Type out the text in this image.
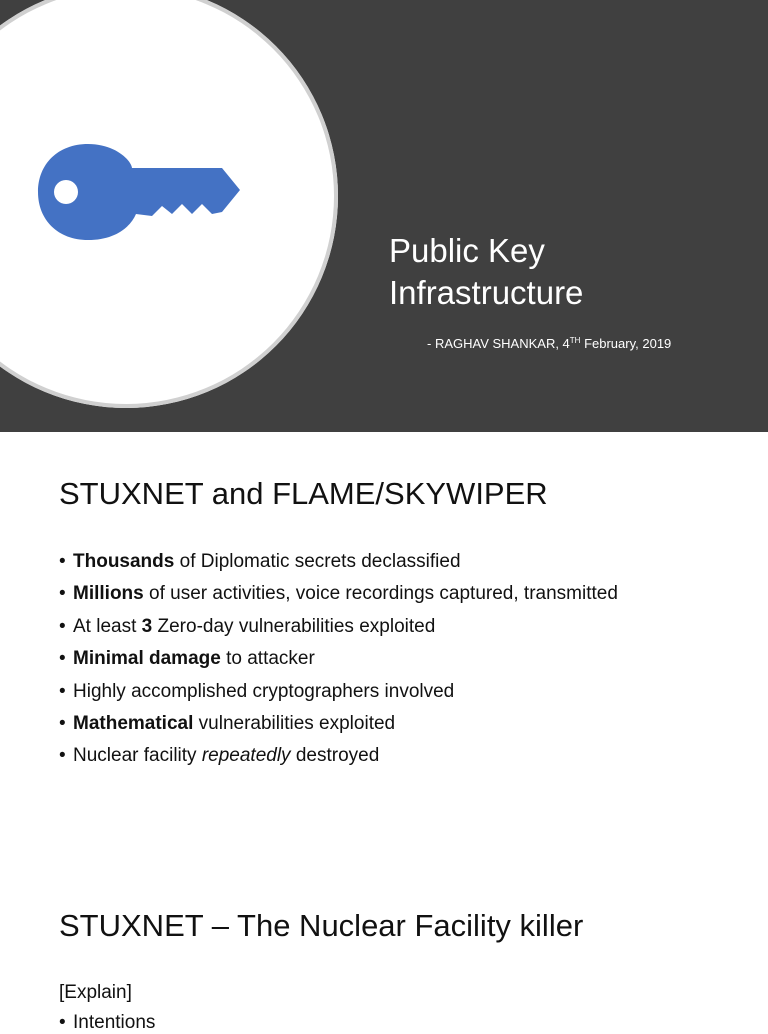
Public Key
Infrastructure
- RAGHAV SHANKAR, 4TH February, 2019
STUXNET and FLAME/SKYWIPER
• Thousands of Diplomatic secrets declassified
• Millions of user activities, voice recordings captured, transmitted
• At least 3 Zero-day vulnerabilities exploited
• Minimal damage to attacker
• Highly accomplished cryptographers involved
• Mathematical vulnerabilities exploited
• Nuclear facility repeatedly destroyed
STUXNET – The Nuclear Facility killer
[Explain]
• Intentions
